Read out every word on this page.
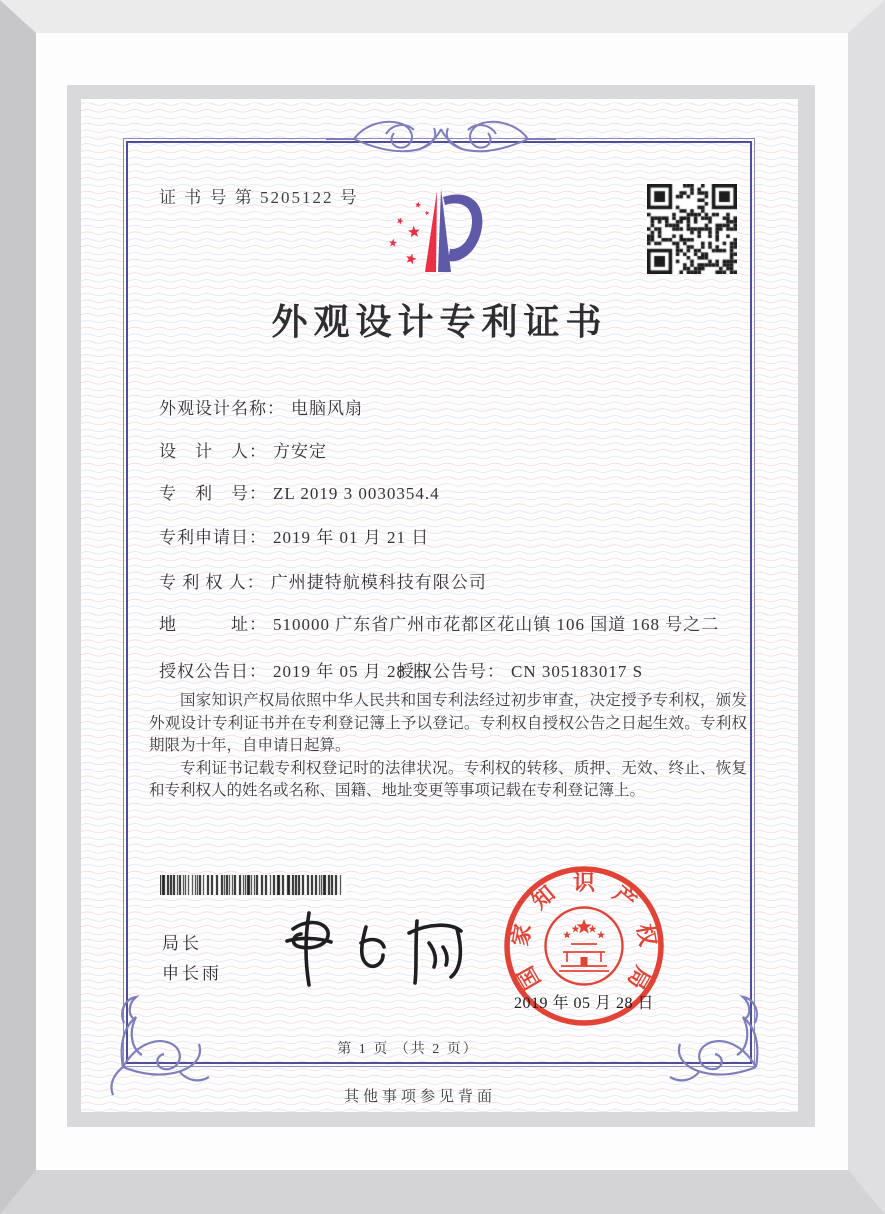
证 书 号 第 5205122 号
外观设计专利证书
外观设计名称： 电脑风扇
设　计　人： 方安定
专　利　号： ZL 2019 3 0030354.4
专利申请日： 2019 年 01 月 21 日
专 利 权 人： 广州捷特航模科技有限公司
地　　　址： 510000 广东省广州市花都区花山镇 106 国道 168 号之二
授权公告日： 2019 年 05 月 28 日
授权公告号： CN 305183017 S

国家知识产权局依照中华人民共和国专利法经过初步审查，决定授予专利权，颁发外观设计专利证书并在专利登记簿上予以登记。专利权自授权公告之日起生效。专利权期限为十年，自申请日起算。

专利证书记载专利权登记时的法律状况。专利权的转移、质押、无效、终止、恢复和专利权人的姓名或名称、国籍、地址变更等事项记载在专利登记簿上。

局长
申长雨	国
家
知 识 产
权
局
2019 年 05 月 28 日
第 1 页 （共 2 页）
其他事项参见背面
